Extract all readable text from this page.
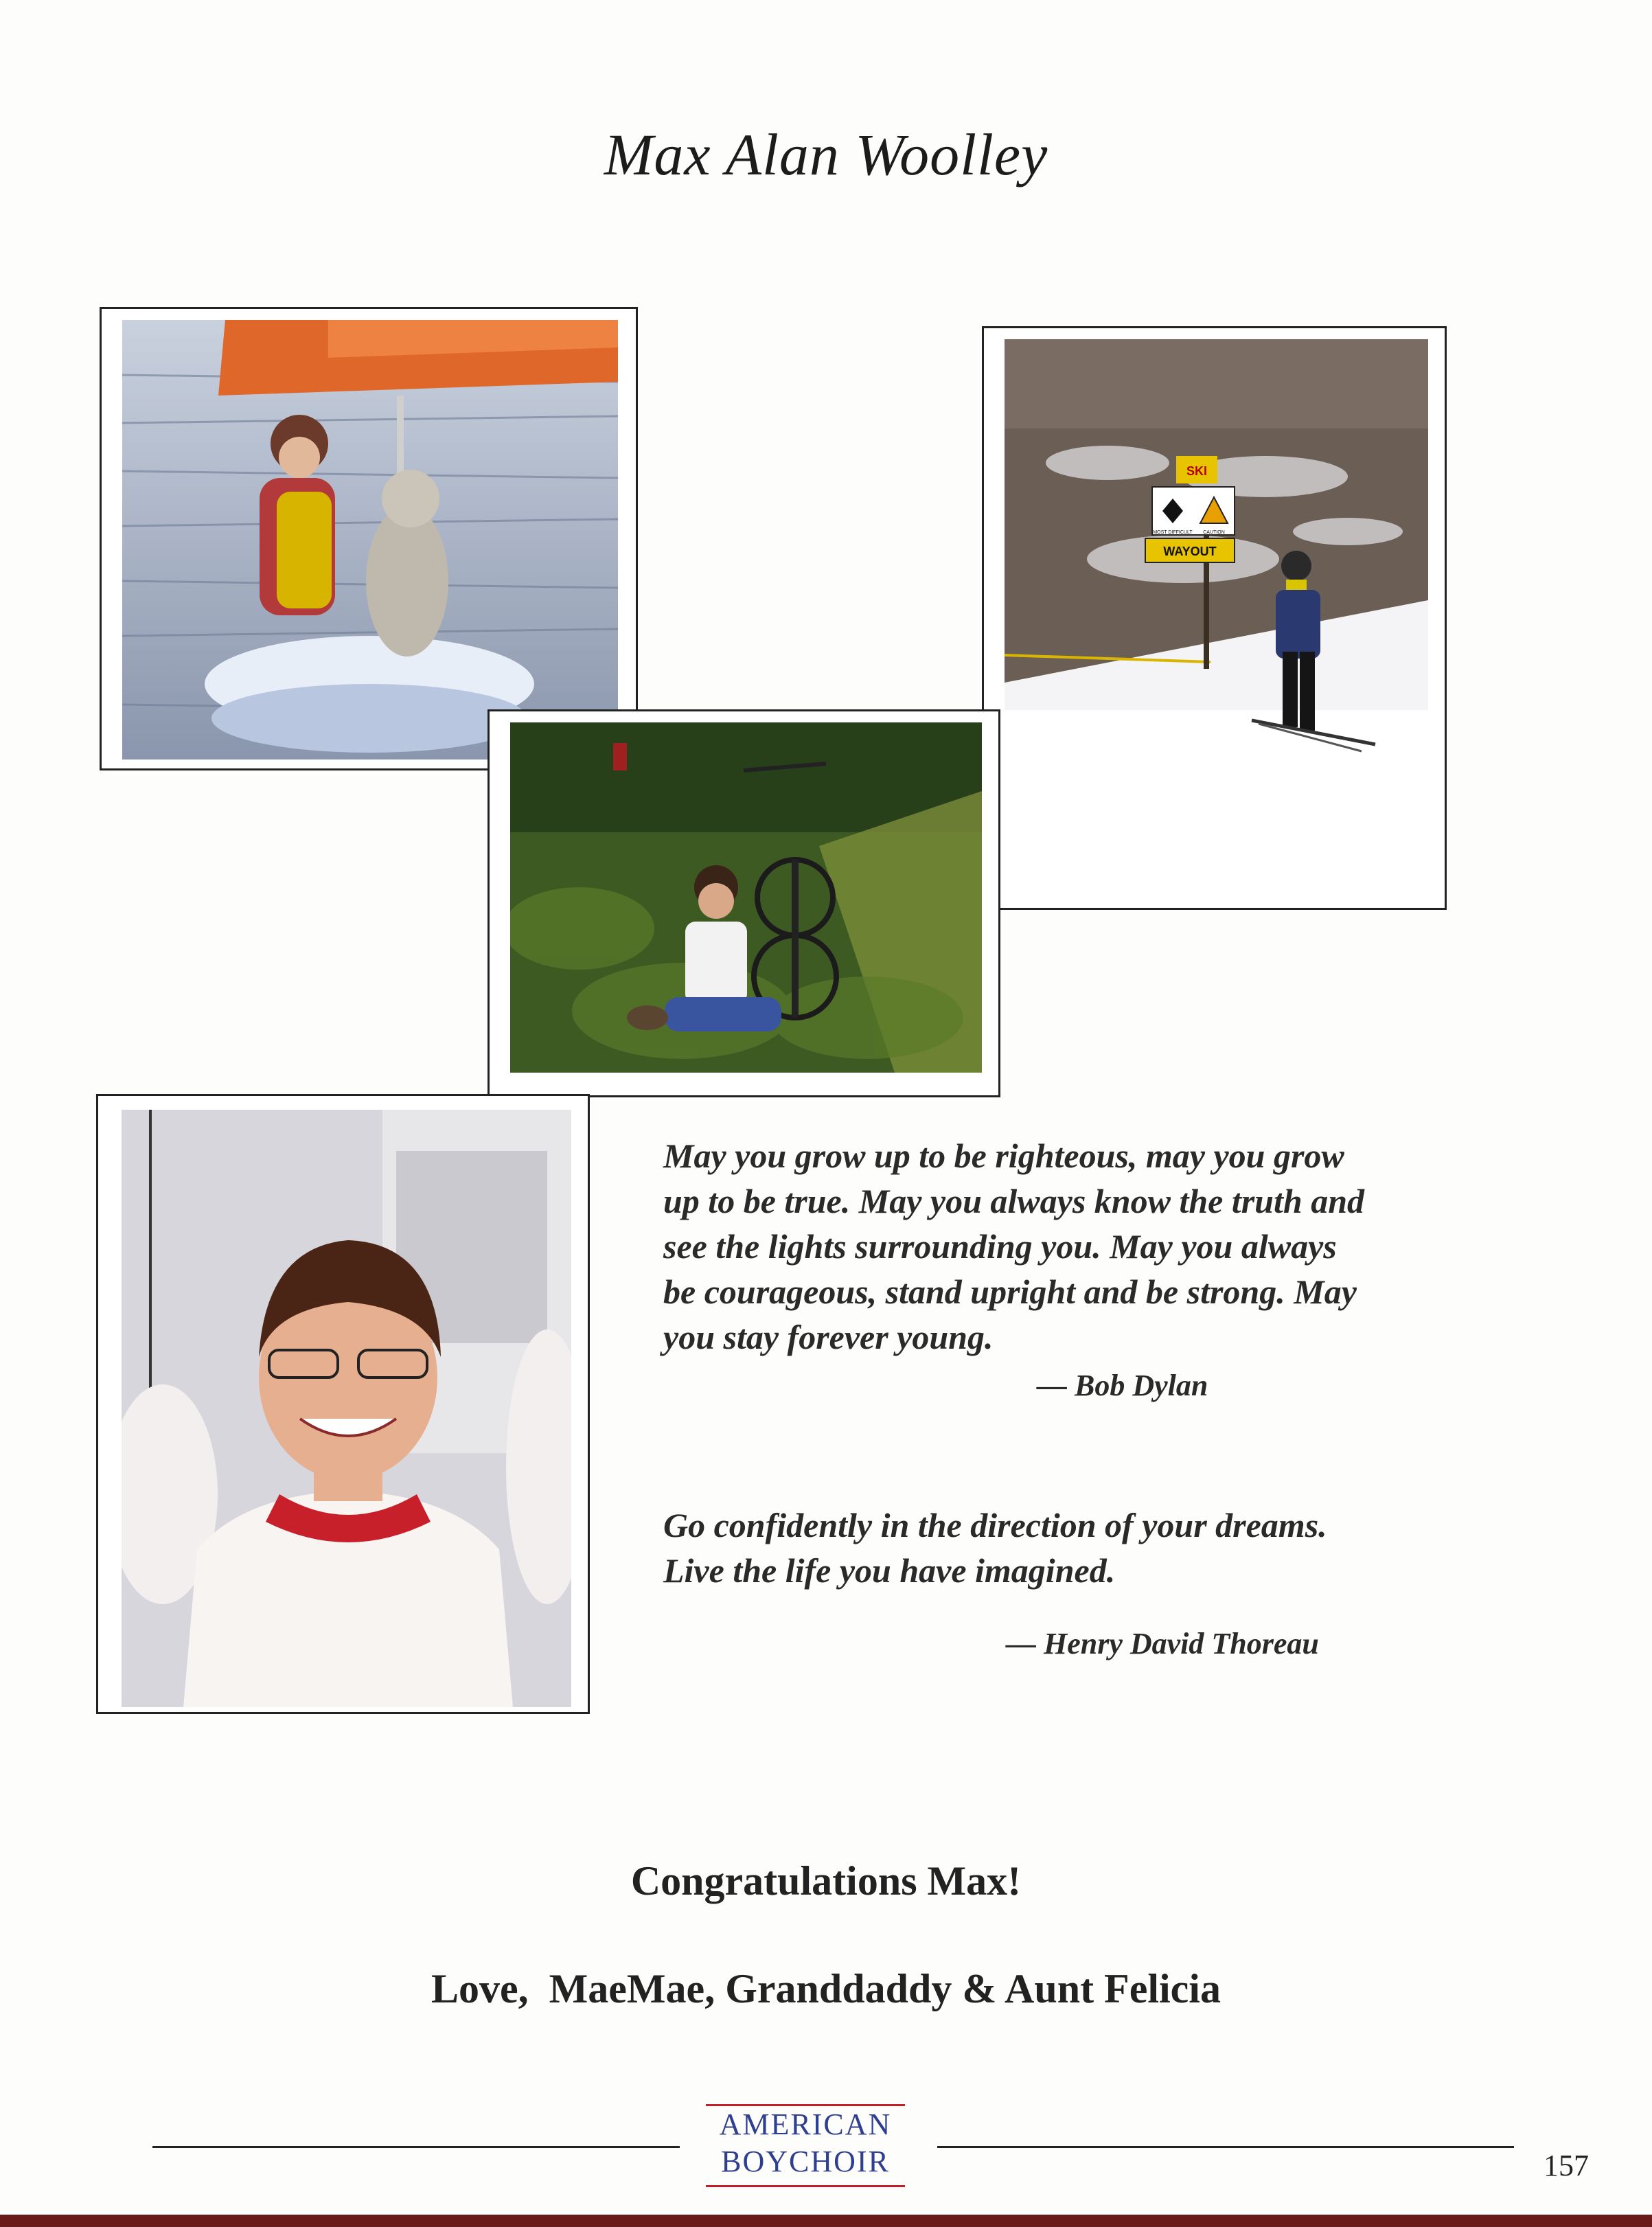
Max Alan Woolley
SKI
MOST DIFFICULT CAUTION
WAYOUT
May you grow up to be righteous, may you grow
up to be true. May you always know the truth and
see the lights surrounding you. May you always
be courageous, stand upright and be strong. May
you stay forever young.
— Bob Dylan
Go confidently in the direction of your dreams.
Live the life you have imagined.
— Henry David Thoreau
Congratulations Max!
Love,  MaeMae, Granddaddy & Aunt Felicia
AMERICAN
BOYCHOIR	157
